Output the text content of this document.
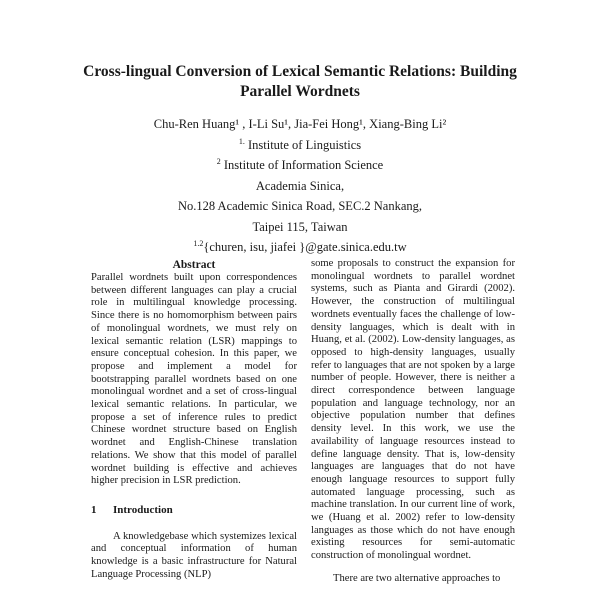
Cross-lingual Conversion of Lexical Semantic Relations: Building
Parallel Wordnets
Chu-Ren Huang¹ , I-Li Su¹, Jia-Fei Hong¹, Xiang-Bing Li²
$^{1.}$ Institute of Linguistics
$^2$ Institute of Information Science
Academia Sinica,
No.128 Academic Sinica Road, SEC.2 Nankang,
Taipei 115, Taiwan
$^{1.2}${churen, isu, jiafei }@gate.sinica.edu.tw
Abstract

Parallel wordnets built upon correspondences between different languages can play a crucial role in multilingual knowledge processing. Since there is no homomorphism between pairs of monolingual wordnets, we must rely on lexical semantic relation (LSR) mappings to ensure conceptual cohesion. In this paper, we propose and implement a model for bootstrapping parallel wordnets based on one monolingual wordnet and a set of cross-lingual lexical semantic relations. In particular, we propose a set of inference rules to predict Chinese wordnet structure based on English wordnet and English-Chinese translation relations. We show that this model of parallel wordnet building is effective and achieves higher precision in LSR prediction.

1 Introduction

A knowledgebase which systemizes lexical and conceptual information of human knowledge is a basic infrastructure for Natural Language Processing (NLP)

some proposals to construct the expansion for monolingual wordnets to parallel wordnet systems, such as Pianta and Girardi (2002). However, the construction of multilingual wordnets eventually faces the challenge of low-density languages, which is dealt with in Huang, et al. (2002). Low-density languages, as opposed to high-density languages, usually refer to languages that are not spoken by a large number of people. However, there is neither a direct correspondence between language population and language technology, nor an objective population number that defines density level. In this work, we use the availability of language resources instead to define language density. That is, low-density languages are languages that do not have enough language resources to support fully automated language processing, such as machine translation. In our current line of work, we (Huang et al. 2002) refer to low-density languages as those which do not have enough existing resources for semi-automatic construction of monolingual wordnet.

There are two alternative approaches to
